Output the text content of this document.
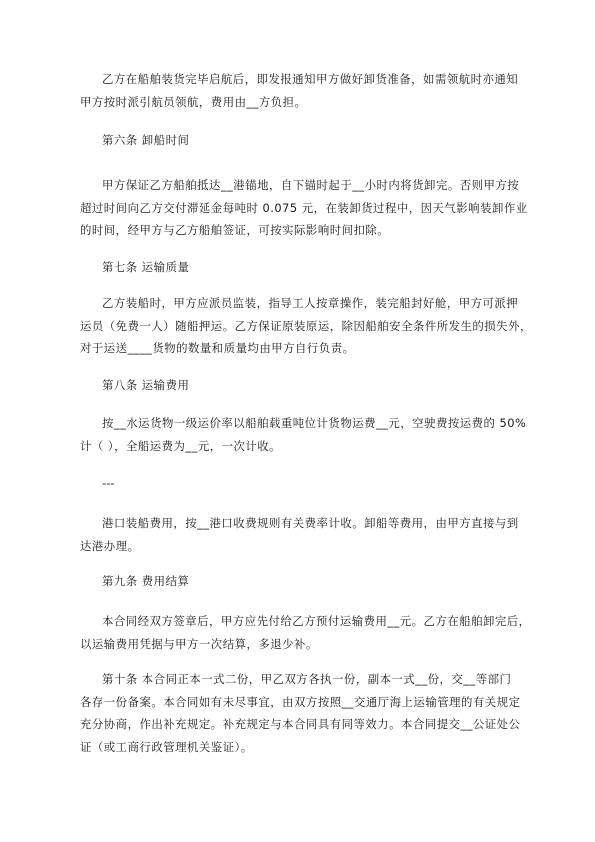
乙方在船舶装货完毕启航后，即发报通知甲方做好卸货准备，如需领航时亦通知
甲方按时派引航员领航，费用由__方负担。
第六条 卸船时间
甲方保证乙方船舶抵达__港锚地，自下锚时起于__小时内将货卸完。否则甲方按
超过时间向乙方交付滞延金每吨时 0.075 元，在装卸货过程中，因天气影响装卸作业
的时间，经甲方与乙方船舶签证，可按实际影响时间扣除。
第七条 运输质量
乙方装船时，甲方应派员监装，指导工人按章操作，装完船封好舱，甲方可派押
运员（免费一人）随船押运。乙方保证原装原运，除因船舶安全条件所发生的损失外，
对于运送____货物的数量和质量均由甲方自行负责。
第八条 运输费用
按__水运货物一级运价率以船舶载重吨位计货物运费__元，空驶费按运费的 50%
计（ ），全船运费为__元，一次计收。
---
港口装船费用，按__港口收费规则有关费率计收。卸船等费用，由甲方直接与到
达港办理。
第九条 费用结算
本合同经双方签章后，甲方应先付给乙方预付运输费用__元。乙方在船舶卸完后，
以运输费用凭据与甲方一次结算，多退少补。
第十条 本合同正本一式二份，甲乙双方各执一份，副本一式__份，交__等部门
各存一份备案。本合同如有未尽事宜，由双方按照__交通厅海上运输管理的有关规定
充分协商，作出补充规定。补充规定与本合同具有同等效力。本合同提交__公证处公
证（或工商行政管理机关鉴证）。
